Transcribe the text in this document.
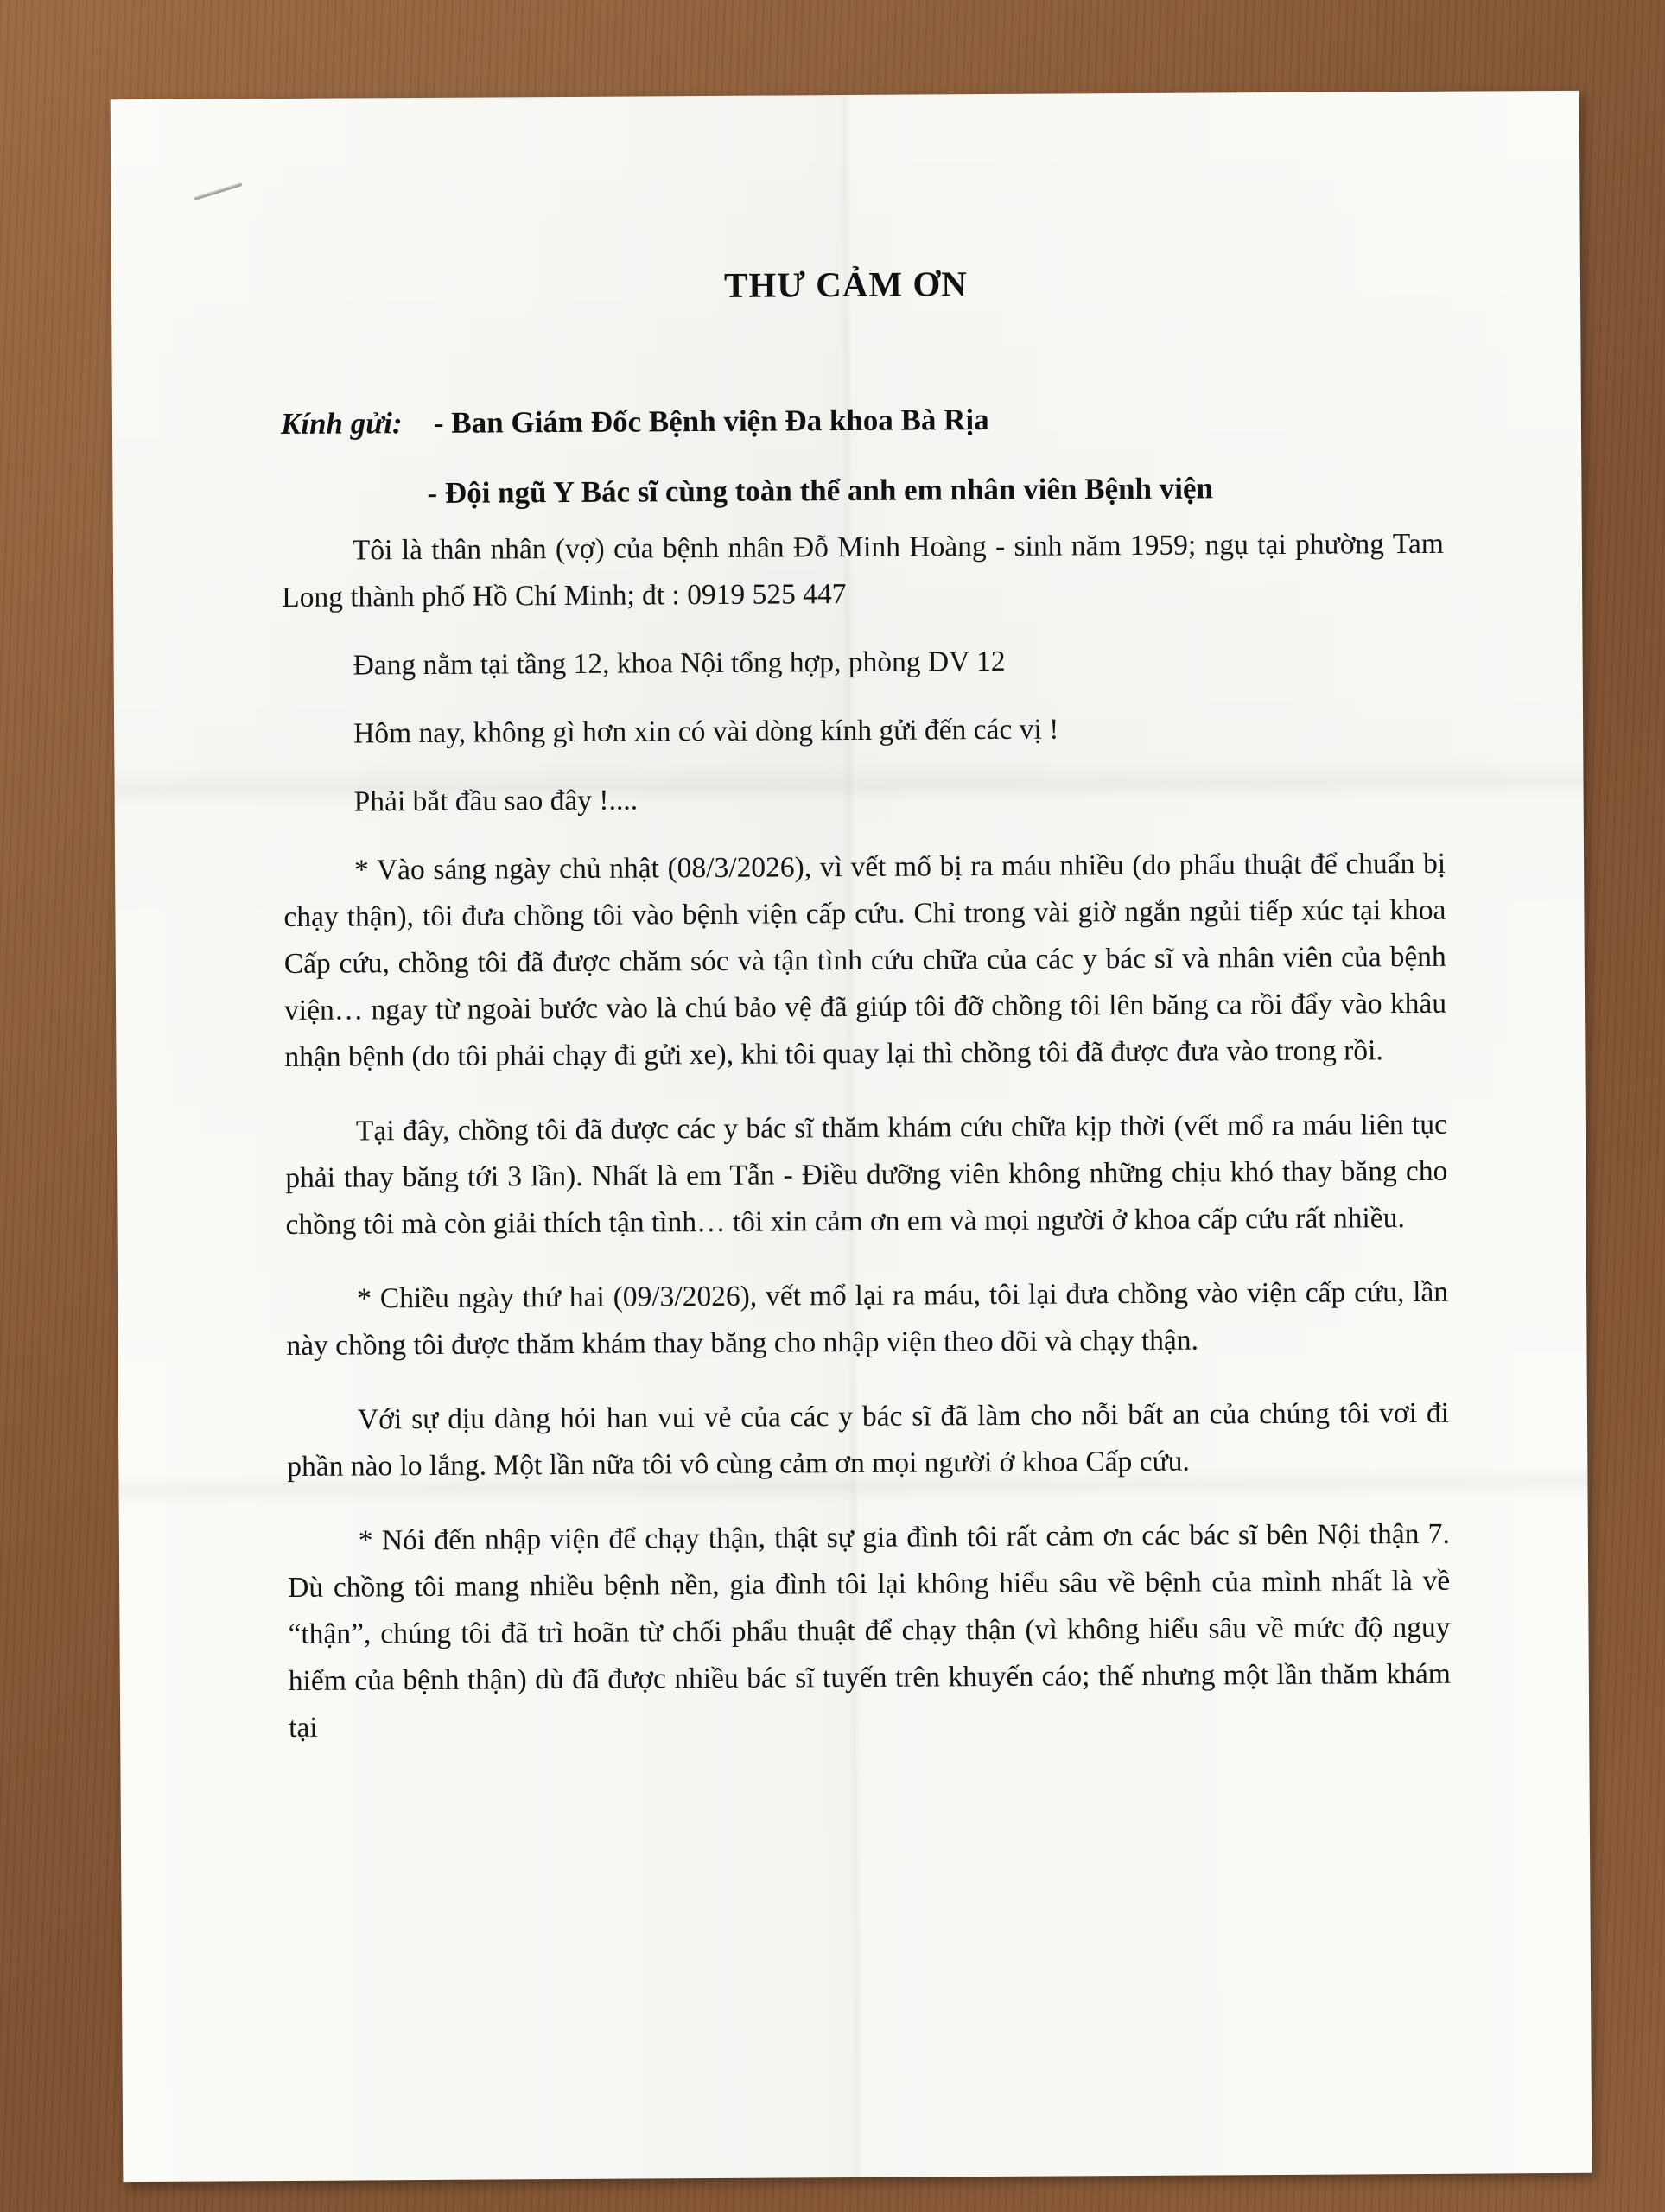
THƯ CẢM ƠN
Kính gửi: - Ban Giám Đốc Bệnh viện Đa khoa Bà Rịa
- Đội ngũ Y Bác sĩ cùng toàn thể anh em nhân viên Bệnh viện

Tôi là thân nhân (vợ) của bệnh nhân Đỗ Minh Hoàng - sinh năm 1959; ngụ tại phường Tam Long thành phố Hồ Chí Minh; đt : 0919 525 447

Đang nằm tại tầng 12, khoa Nội tổng hợp, phòng DV 12

Hôm nay, không gì hơn xin có vài dòng kính gửi đến các vị !

Phải bắt đầu sao đây !....

* Vào sáng ngày chủ nhật (08/3/2026), vì vết mổ bị ra máu nhiều (do phẩu thuật để chuẩn bị chạy thận), tôi đưa chồng tôi vào bệnh viện cấp cứu. Chỉ trong vài giờ ngắn ngủi tiếp xúc tại khoa Cấp cứu, chồng tôi đã được chăm sóc và tận tình cứu chữa của các y bác sĩ và nhân viên của bệnh viện… ngay từ ngoài bước vào là chú bảo vệ đã giúp tôi đỡ chồng tôi lên băng ca rồi đẩy vào khâu nhận bệnh (do tôi phải chạy đi gửi xe), khi tôi quay lại thì chồng tôi đã được đưa vào trong rồi.

Tại đây, chồng tôi đã được các y bác sĩ thăm khám cứu chữa kịp thời (vết mổ ra máu liên tục phải thay băng tới 3 lần). Nhất là em Tẫn - Điều dưỡng viên không những chịu khó thay băng cho chồng tôi mà còn giải thích tận tình… tôi xin cảm ơn em và mọi người ở khoa cấp cứu rất nhiều.

* Chiều ngày thứ hai (09/3/2026), vết mổ lại ra máu, tôi lại đưa chồng vào viện cấp cứu, lần này chồng tôi được thăm khám thay băng cho nhập viện theo dõi và chạy thận.

Với sự dịu dàng hỏi han vui vẻ của các y bác sĩ đã làm cho nỗi bất an của chúng tôi vơi đi phần nào lo lắng. Một lần nữa tôi vô cùng cảm ơn mọi người ở khoa Cấp cứu.

* Nói đến nhập viện để chạy thận, thật sự gia đình tôi rất cảm ơn các bác sĩ bên Nội thận 7. Dù chồng tôi mang nhiều bệnh nền, gia đình tôi lại không hiểu sâu về bệnh của mình nhất là về “thận”, chúng tôi đã trì hoãn từ chối phẩu thuật để chạy thận (vì không hiểu sâu về mức độ nguy hiểm của bệnh thận) dù đã được nhiều bác sĩ tuyến trên khuyến cáo; thế nhưng một lần thăm khám tại
